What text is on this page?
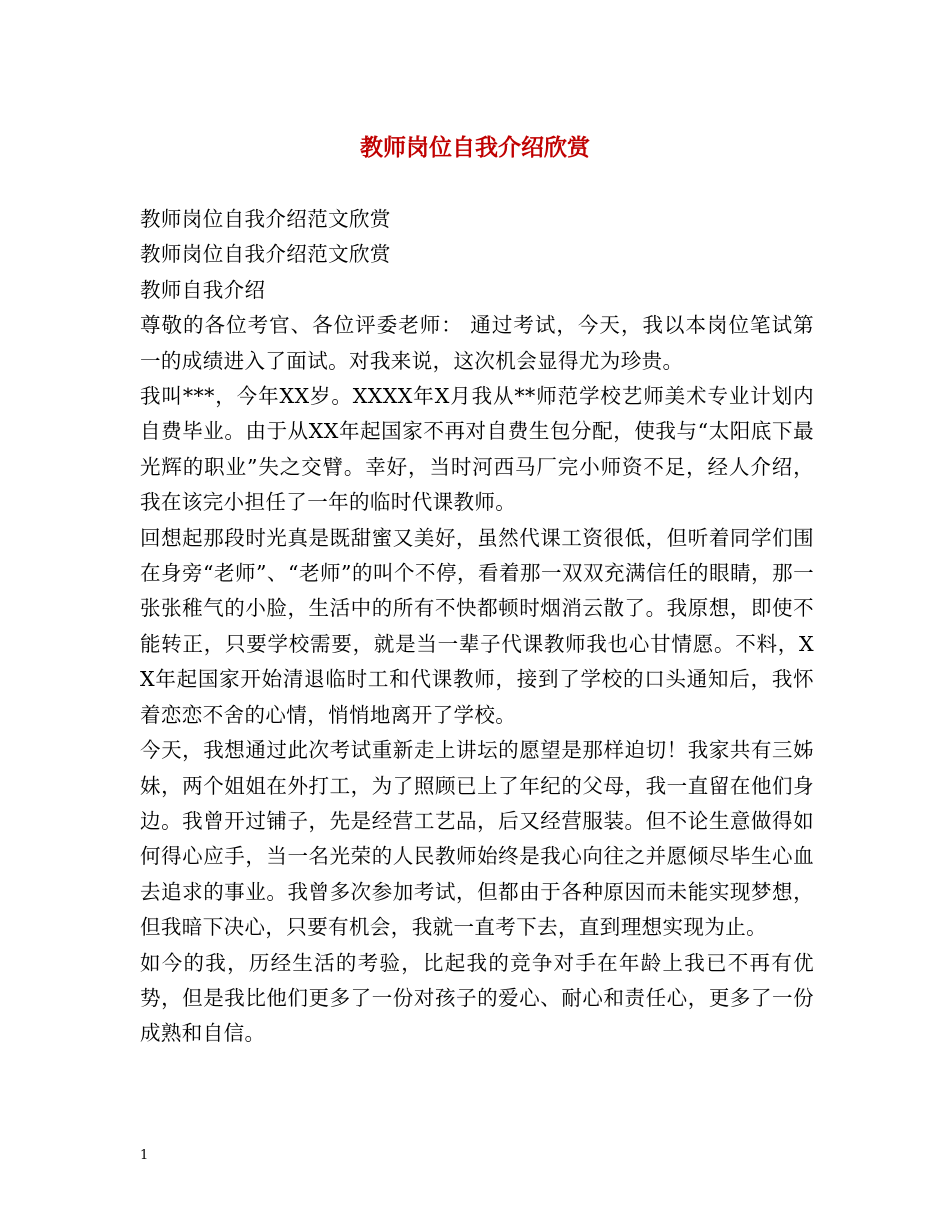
教师岗位自我介绍欣赏

教师岗位自我介绍范文欣赏

教师岗位自我介绍范文欣赏

教师自我介绍

尊敬的各位考官、各位评委老师： 通过考试，今天，我以本岗位笔试第一的成绩进入了面试。对我来说，这次机会显得尤为珍贵。

我叫***，今年XX岁。XXXX年X月我从**师范学校艺师美术专业计划内自费毕业。由于从XX年起国家不再对自费生包分配，使我与“太阳底下最光辉的职业”失之交臂。幸好，当时河西马厂完小师资不足，经人介绍，我在该完小担任了一年的临时代课教师。

回想起那段时光真是既甜蜜又美好，虽然代课工资很低，但听着同学们围在身旁“老师”、“老师”的叫个不停，看着那一双双充满信任的眼睛，那一张张稚气的小脸，生活中的所有不快都顿时烟消云散了。我原想，即使不能转正，只要学校需要，就是当一辈子代课教师我也心甘情愿。不料，XX年起国家开始清退临时工和代课教师，接到了学校的口头通知后，我怀着恋恋不舍的心情，悄悄地离开了学校。

今天，我想通过此次考试重新走上讲坛的愿望是那样迫切！我家共有三姊妹，两个姐姐在外打工，为了照顾已上了年纪的父母，我一直留在他们身边。我曾开过铺子，先是经营工艺品，后又经营服装。但不论生意做得如何得心应手，当一名光荣的人民教师始终是我心向往之并愿倾尽毕生心血去追求的事业。我曾多次参加考试，但都由于各种原因而未能实现梦想，但我暗下决心，只要有机会，我就一直考下去，直到理想实现为止。

如今的我，历经生活的考验，比起我的竞争对手在年龄上我已不再有优势，但是我比他们更多了一份对孩子的爱心、耐心和责任心，更多了一份成熟和自信。

1
